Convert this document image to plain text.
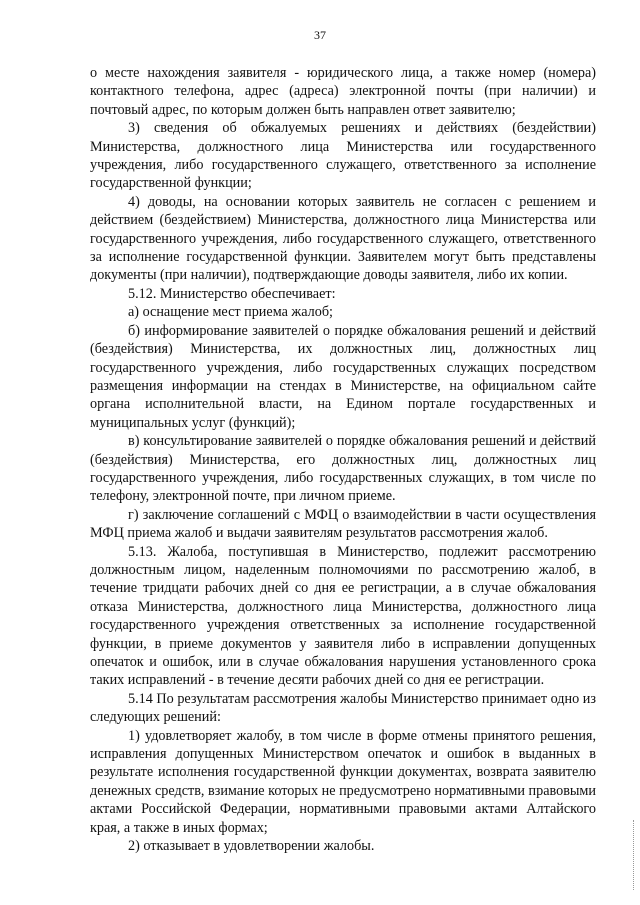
37

о месте нахождения заявителя - юридического лица, а также номер (номера) контактного телефона, адрес (адреса) электронной почты (при наличии) и почтовый адрес, по которым должен быть направлен ответ заявителю;

3) сведения об обжалуемых решениях и действиях (бездействии) Министерства, должностного лица Министерства или государственного учреждения, либо государственного служащего, ответственного за исполнение государственной функции;

4) доводы, на основании которых заявитель не согласен с решением и действием (бездействием) Министерства, должностного лица Министерства или государственного учреждения, либо государственного служащего, ответственного за исполнение государственной функции. Заявителем могут быть представлены документы (при наличии), подтверждающие доводы заявителя, либо их копии.

5.12. Министерство обеспечивает:

а) оснащение мест приема жалоб;

б) информирование заявителей о порядке обжалования решений и действий (бездействия) Министерства, их должностных лиц, должностных лиц государственного учреждения, либо государственных служащих посредством размещения информации на стендах в Министерстве, на официальном сайте органа исполнительной власти, на Едином портале государственных и муниципальных услуг (функций);

в) консультирование заявителей о порядке обжалования решений и действий (бездействия) Министерства, его должностных лиц, должностных лиц государственного учреждения, либо государственных служащих, в том числе по телефону, электронной почте, при личном приеме.

г) заключение соглашений с МФЦ о взаимодействии в части осуществления МФЦ приема жалоб и выдачи заявителям результатов рассмотрения жалоб.

5.13. Жалоба, поступившая в Министерство, подлежит рассмотрению должностным лицом, наделенным полномочиями по рассмотрению жалоб, в течение тридцати рабочих дней со дня ее регистрации, а в случае обжалования отказа Министерства, должностного лица Министерства, должностного лица государственного учреждения ответственных за исполнение государственной функции, в приеме документов у заявителя либо в исправлении допущенных опечаток и ошибок, или в случае обжалования нарушения установленного срока таких исправлений - в течение десяти рабочих дней со дня ее регистрации.

5.14 По результатам рассмотрения жалобы Министерство принимает одно из следующих решений:

1) удовлетворяет жалобу, в том числе в форме отмены принятого решения, исправления допущенных Министерством опечаток и ошибок в выданных в результате исполнения государственной функции документах, возврата заявителю денежных средств, взимание которых не предусмотрено нормативными правовыми актами Российской Федерации, нормативными правовыми актами Алтайского края, а также в иных формах;

2) отказывает в удовлетворении жалобы.
